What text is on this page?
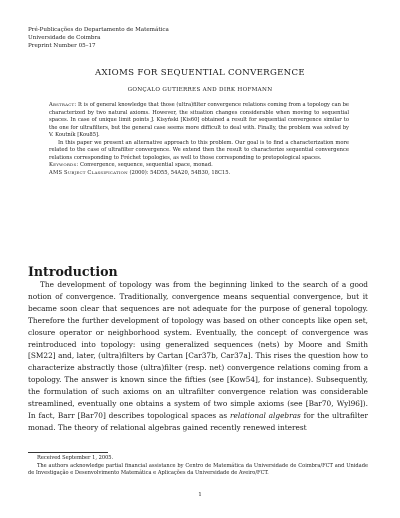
Pré-Publicações do Departamento de Matemática
Universidade de Coimbra
Preprint Number 05–17
AXIOMS FOR SEQUENTIAL CONVERGENCE
GONÇALO GUTIERRES AND DIRK HOFMANN

Abstract: It is of general knowledge that those (ultra)filter convergence relations coming from a topology can be characterized by two natural axioms. However, the situation changes considerable when moving to sequential spaces. In case of unique limit points J. Kisyński [Kis60] obtained a result for sequential convergence similar to the one for ultrafilters, but the general case seems more difficult to deal with. Finally, the problem was solved by V. Koutník [Kou85].

In this paper we present an alternative approach to this problem. Our goal is to find a characterization more related to the case of ultrafilter convergence. We extend then the result to characterize sequential convergence relations corresponding to Fréchet topologies, as well to those corresponding to pretopological spaces.

Keywords: Convergence, sequence, sequential space, monad.

AMS Subject Classification (2000): 54D55, 54A20, 54B30, 18C15.

Introduction

The development of topology was from the beginning linked to the search of a good notion of convergence. Traditionally, convergence means sequential convergence, but it became soon clear that sequences are not adequate for the purpose of general topology. Therefore the further development of topology was based on other concepts like open set, closure operator or neighborhood system. Eventually, the concept of convergence was reintroduced into topology: using generalized sequences (nets) by Moore and Smith [SM22] and, later, (ultra)filters by Cartan [Car37b, Car37a]. This rises the question how to characterize abstractly those (ultra)filter (resp. net) convergence relations coming from a topology. The answer is known since the fifties (see [Kow54], for instance). Subsequently, the formulation of such axioms on an ultrafilter convergence relation was considerable streamlined, eventually one obtains a system of two simple axioms (see [Bar70, Wyl96]). In fact, Barr [Bar70] describes topological spaces as relational algebras for the ultrafilter monad. The theory of relational algebras gained recently renewed interest

Received September 1, 2005.

The authors acknowledge partial financial assistance by Centro de Matemática da Universidade de Coimbra/FCT and Unidade de Investigação e Desenvolvimento Matemática e Aplicações da Universidade de Aveiro/FCT.

1
